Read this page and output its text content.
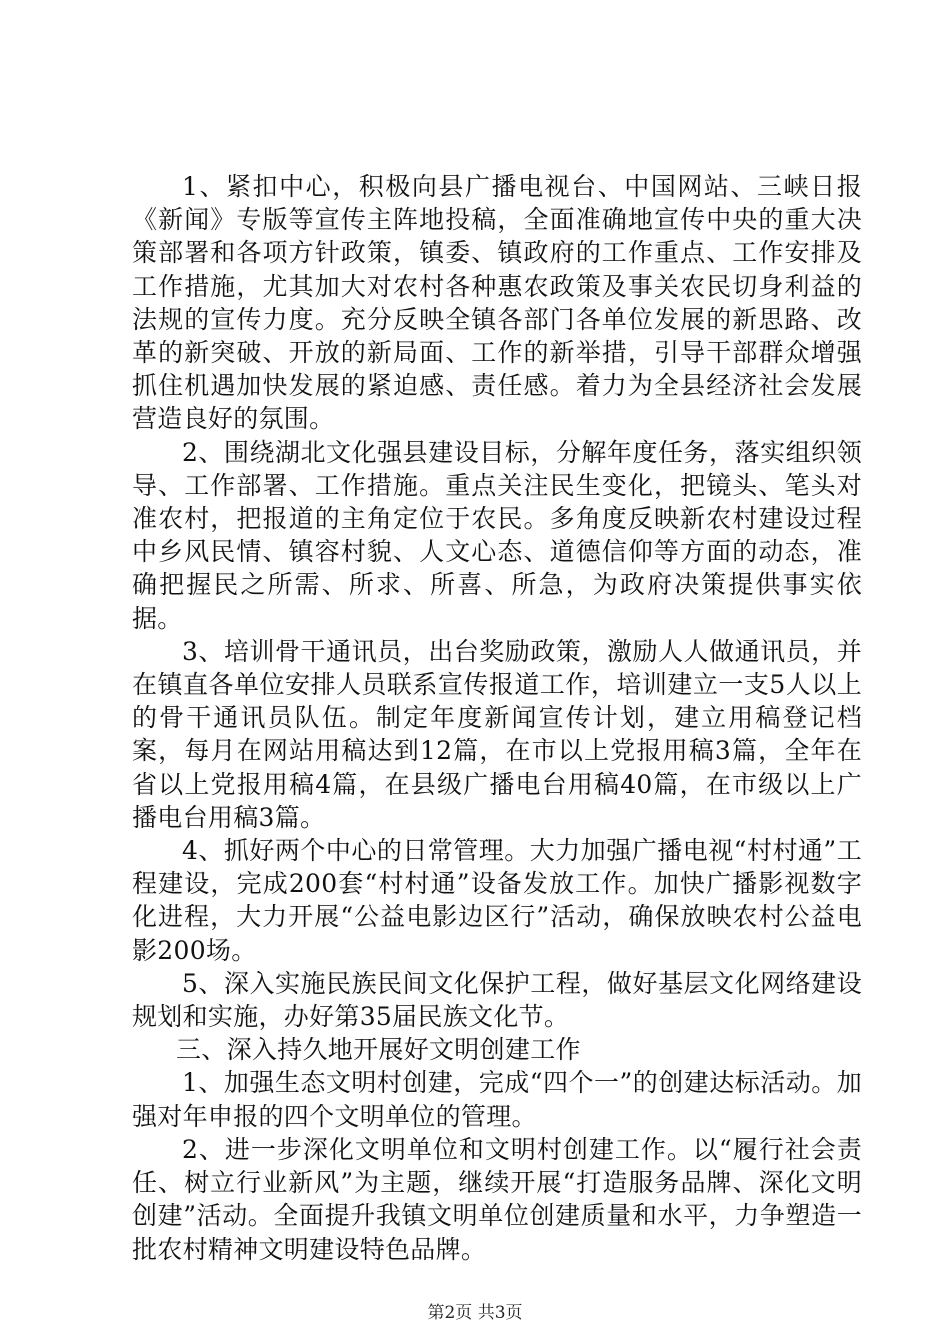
1、紧扣中心，积极向县广播电视台、中国网站、三峡日报《新闻》专版等宣传主阵地投稿，全面准确地宣传中央的重大决策部署和各项方针政策，镇委、镇政府的工作重点、工作安排及工作措施，尤其加大对农村各种惠农政策及事关农民切身利益的法规的宣传力度。充分反映全镇各部门各单位发展的新思路、改革的新突破、开放的新局面、工作的新举措，引导干部群众增强抓住机遇加快发展的紧迫感、责任感。着力为全县经济社会发展营造良好的氛围。

2、围绕湖北文化强县建设目标，分解年度任务，落实组织领导、工作部署、工作措施。重点关注民生变化，把镜头、笔头对准农村，把报道的主角定位于农民。多角度反映新农村建设过程中乡风民情、镇容村貌、人文心态、道德信仰等方面的动态，准确把握民之所需、所求、所喜、所急，为政府决策提供事实依据。

3、培训骨干通讯员，出台奖励政策，激励人人做通讯员，并在镇直各单位安排人员联系宣传报道工作，培训建立一支5人以上的骨干通讯员队伍。制定年度新闻宣传计划，建立用稿登记档案，每月在网站用稿达到12篇，在市以上党报用稿3篇，全年在省以上党报用稿4篇，在县级广播电台用稿40篇，在市级以上广播电台用稿3篇。

4、抓好两个中心的日常管理。大力加强广播电视“村村通”工程建设，完成200套“村村通”设备发放工作。加快广播影视数字化进程，大力开展“公益电影边区行”活动，确保放映农村公益电影200场。

5、深入实施民族民间文化保护工程，做好基层文化网络建设规划和实施，办好第35届民族文化节。

三、深入持久地开展好文明创建工作

1、加强生态文明村创建，完成“四个一”的创建达标活动。加强对年申报的四个文明单位的管理。

2、进一步深化文明单位和文明村创建工作。以“履行社会责任、树立行业新风”为主题，继续开展“打造服务品牌、深化文明创建”活动。全面提升我镇文明单位创建质量和水平，力争塑造一批农村精神文明建设特色品牌。

第2页 共3页
